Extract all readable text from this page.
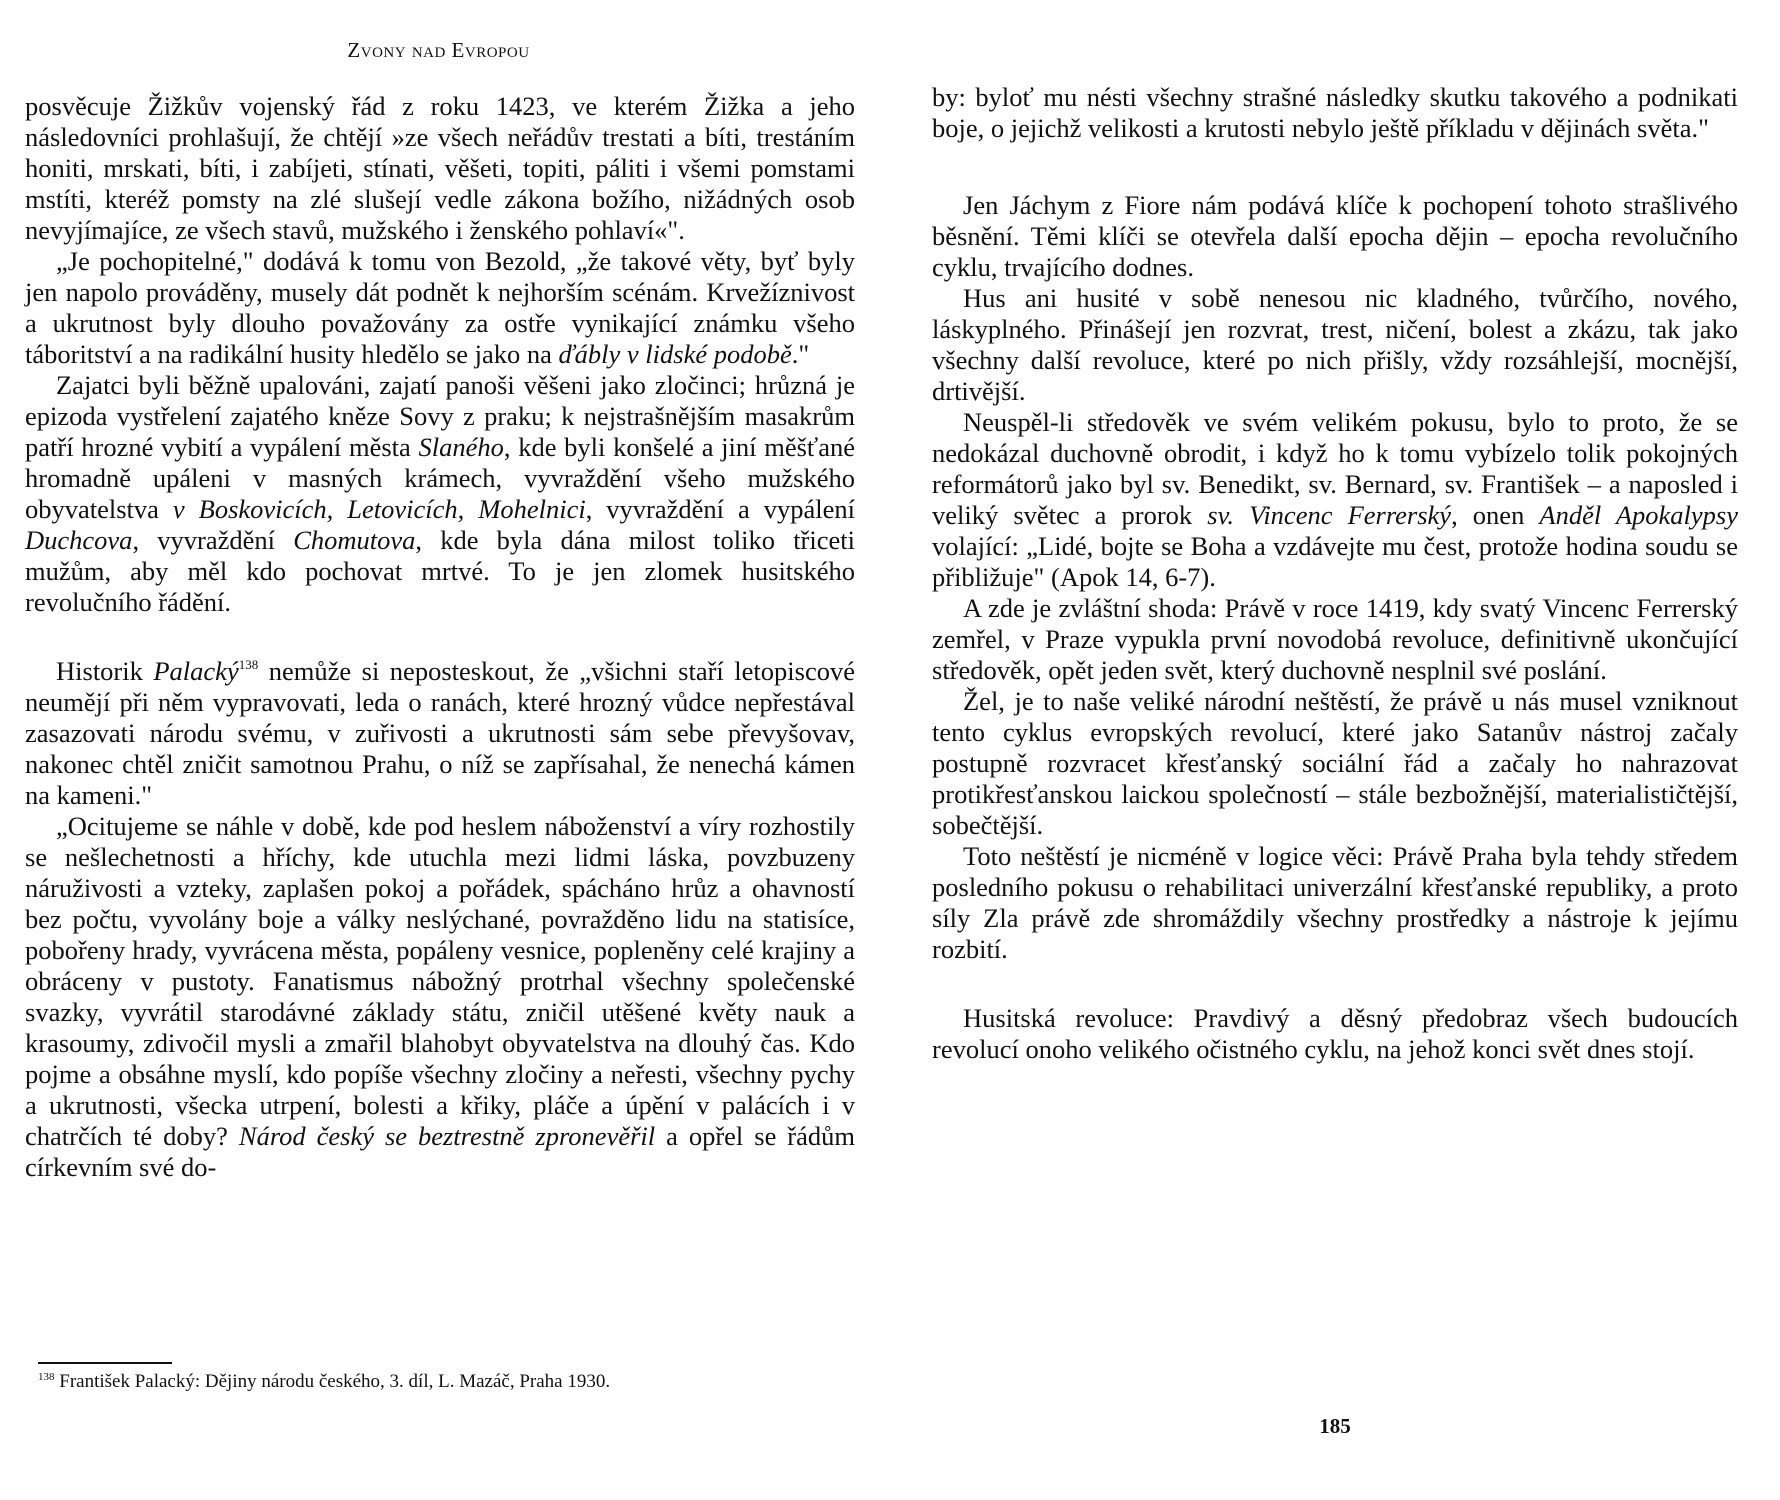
Zvony nad Evropou

posvěcuje Žižkův vojenský řád z roku 1423, ve kterém Žižka a jeho následovníci prohlašují, že chtějí »ze všech neřádův trestati a bíti, trestáním honiti, mrskati, bíti, i zabíjeti, stínati, věšeti, topiti, páliti i všemi pomstami mstíti, kteréž pomsty na zlé slušejí vedle zákona božího, nižádných osob nevyjímajíce, ze všech stavů, mužského i ženského pohlaví«".

„Je pochopitelné," dodává k tomu von Bezold, „že takové věty, byť byly jen napolo prováděny, musely dát podnět k nejhorším scénám. Krvežíznivost a ukrutnost byly dlouho považovány za ostře vynikající známku všeho táboritství a na radikální husity hledělo se jako na ďábly v lidské podobě."

Zajatci byli běžně upalováni, zajatí panoši věšeni jako zločinci; hrůzná je epizoda vystřelení zajatého kněze Sovy z praku; k nejstrašnějším masakrům patří hrozné vybití a vypálení města Slaného, kde byli konšelé a jiní měšťané hromadně upáleni v masných krámech, vyvraždění všeho mužského obyvatelstva v Boskovicích, Letovicích, Mohelnici, vyvraždění a vypálení Duchcova, vyvraždění Chomutova, kde byla dána milost toliko třiceti mužům, aby měl kdo pochovat mrtvé. To je jen zlomek husitského revolučního řádění.

Historik Palacký$^{138}$ nemůže si neposteskout, že „všichni staří letopiscové neumějí při něm vypravovati, leda o ranách, které hrozný vůdce nepřestával zasazovati národu svému, v zuřivosti a ukrutnosti sám sebe převyšovav, nakonec chtěl zničit samotnou Prahu, o níž se zapřísahal, že nenechá kámen na kameni."

„Ocitujeme se náhle v době, kde pod heslem náboženství a víry rozhostily se nešlechetnosti a hříchy, kde utuchla mezi lidmi láska, povzbuzeny náruživosti a vzteky, zaplašen pokoj a pořádek, spácháno hrůz a ohavností bez počtu, vyvolány boje a války neslýchané, povražděno lidu na statisíce, pobořeny hrady, vyvrácena města, popáleny vesnice, popleněny celé krajiny a obráceny v pustoty. Fanatismus nábožný protrhal všechny společenské svazky, vyvrátil starodávné základy státu, zničil utěšené květy nauk a krasoumy, zdivočil mysli a zmařil blahobyt obyvatelstva na dlouhý čas. Kdo pojme a obsáhne myslí, kdo popíše všechny zločiny a neřesti, všechny pychy a ukrutnosti, všecka utrpení, bolesti a křiky, pláče a úpění v palácích i v chatrčích té doby? Národ český se beztrestně zpronevěřil a opřel se řádům církevním své do-

$^{138}$ František Palacký: Dějiny národu českého, 3. díl, L. Mazáč, Praha 1930.

by: byloť mu nésti všechny strašné následky skutku takového a podnikati boje, o jejichž velikosti a krutosti nebylo ještě příkladu v dějinách světa."

Jen Jáchym z Fiore nám podává klíče k pochopení tohoto strašlivého běsnění. Těmi klíči se otevřela další epocha dějin – epocha revolučního cyklu, trvajícího dodnes.

Hus ani husité v sobě nenesou nic kladného, tvůrčího, nového, láskyplného. Přinášejí jen rozvrat, trest, ničení, bolest a zkázu, tak jako všechny další revoluce, které po nich přišly, vždy rozsáhlejší, mocnější, drtivější.

Neuspěl-li středověk ve svém velikém pokusu, bylo to proto, že se nedokázal duchovně obrodit, i když ho k tomu vybízelo tolik pokojných reformátorů jako byl sv. Benedikt, sv. Bernard, sv. František – a naposled i veliký světec a prorok sv. Vincenc Ferrerský, onen Anděl Apokalypsy volající: „Lidé, bojte se Boha a vzdávejte mu čest, protože hodina soudu se přibližuje" (Apok 14, 6-7).

A zde je zvláštní shoda: Právě v roce 1419, kdy svatý Vincenc Ferrerský zemřel, v Praze vypukla první novodobá revoluce, definitivně ukončující středověk, opět jeden svět, který duchovně nesplnil své poslání.

Žel, je to naše veliké národní neštěstí, že právě u nás musel vzniknout tento cyklus evropských revolucí, které jako Satanův nástroj začaly postupně rozvracet křesťanský sociální řád a začaly ho nahrazovat protikřesťanskou laickou společností – stále bezbožnější, materialističtější, sobečtější.

Toto neštěstí je nicméně v logice věci: Právě Praha byla tehdy středem posledního pokusu o rehabilitaci univerzální křesťanské republiky, a proto síly Zla právě zde shromáždily všechny prostředky a nástroje k jejímu rozbití.

Husitská revoluce: Pravdivý a děsný předobraz všech budoucích revolucí onoho velikého očistného cyklu, na jehož konci svět dnes stojí.

185
